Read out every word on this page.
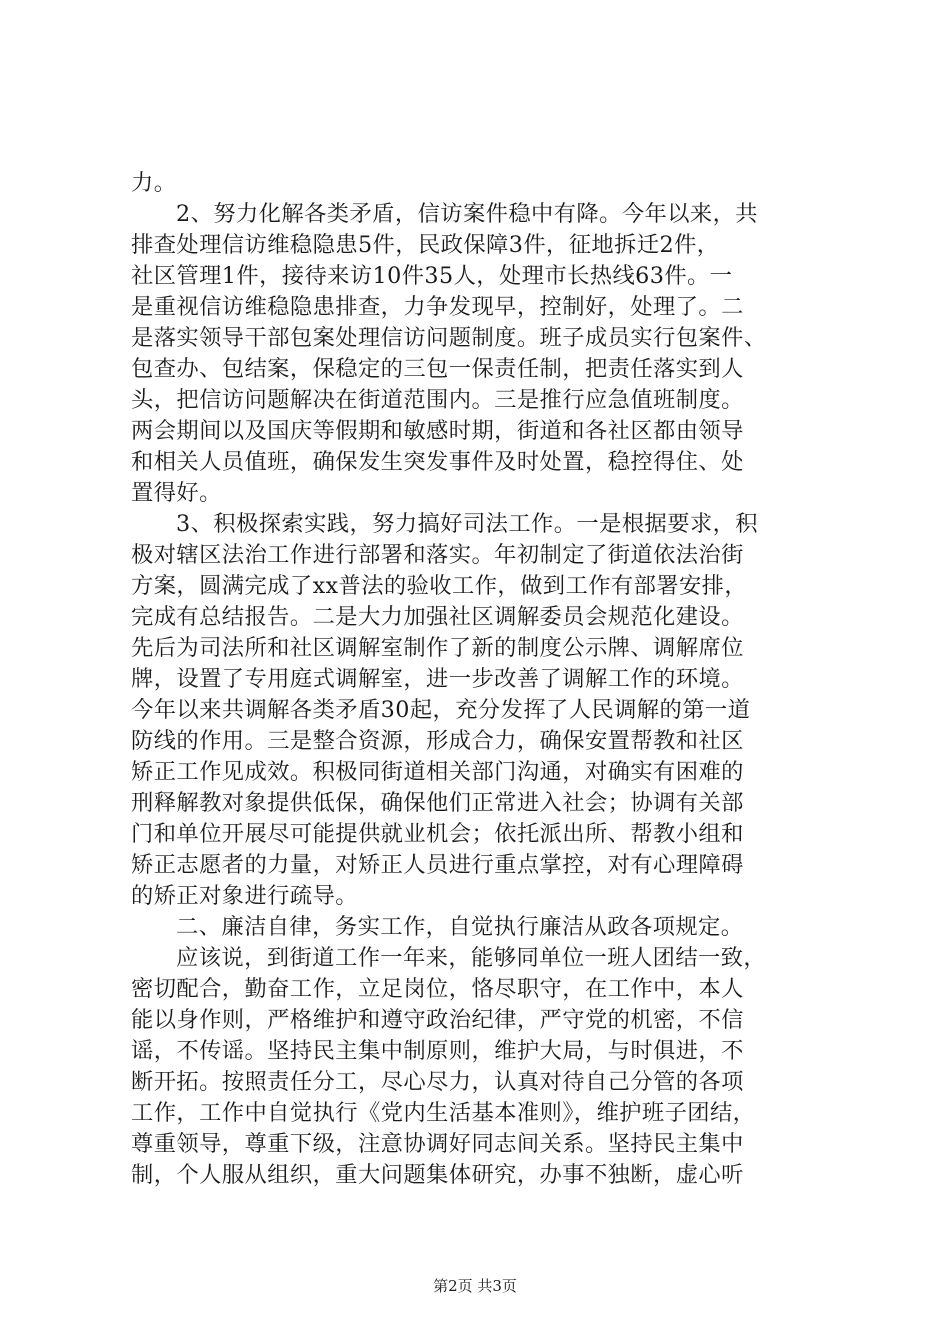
力。
2、努力化解各类矛盾，信访案件稳中有降。今年以来，共
排查处理信访维稳隐患5件，民政保障3件，征地拆迁2件，
社区管理1件，接待来访10件35人，处理市长热线63件。一
是重视信访维稳隐患排查，力争发现早，控制好，处理了。二
是落实领导干部包案处理信访问题制度。班子成员实行包案件、
包查办、包结案，保稳定的三包一保责任制，把责任落实到人
头，把信访问题解决在街道范围内。三是推行应急值班制度。
两会期间以及国庆等假期和敏感时期，街道和各社区都由领导
和相关人员值班，确保发生突发事件及时处置，稳控得住、处
置得好。
3、积极探索实践，努力搞好司法工作。一是根据要求，积
极对辖区法治工作进行部署和落实。年初制定了街道依法治街
方案，圆满完成了xx普法的验收工作，做到工作有部署安排，
完成有总结报告。二是大力加强社区调解委员会规范化建设。
先后为司法所和社区调解室制作了新的制度公示牌、调解席位
牌，设置了专用庭式调解室，进一步改善了调解工作的环境。
今年以来共调解各类矛盾30起，充分发挥了人民调解的第一道
防线的作用。三是整合资源，形成合力，确保安置帮教和社区
矫正工作见成效。积极同街道相关部门沟通，对确实有困难的
刑释解教对象提供低保，确保他们正常进入社会；协调有关部
门和单位开展尽可能提供就业机会；依托派出所、帮教小组和
矫正志愿者的力量，对矫正人员进行重点掌控，对有心理障碍
的矫正对象进行疏导。
二、廉洁自律，务实工作，自觉执行廉洁从政各项规定。
应该说，到街道工作一年来，能够同单位一班人团结一致，
密切配合，勤奋工作，立足岗位，恪尽职守，在工作中，本人
能以身作则，严格维护和遵守政治纪律，严守党的机密，不信
谣，不传谣。坚持民主集中制原则，维护大局，与时俱进，不
断开拓。按照责任分工，尽心尽力，认真对待自己分管的各项
工作，工作中自觉执行《党内生活基本准则》，维护班子团结，
尊重领导，尊重下级，注意协调好同志间关系。坚持民主集中
制，个人服从组织，重大问题集体研究，办事不独断，虚心听
第2页 共3页
